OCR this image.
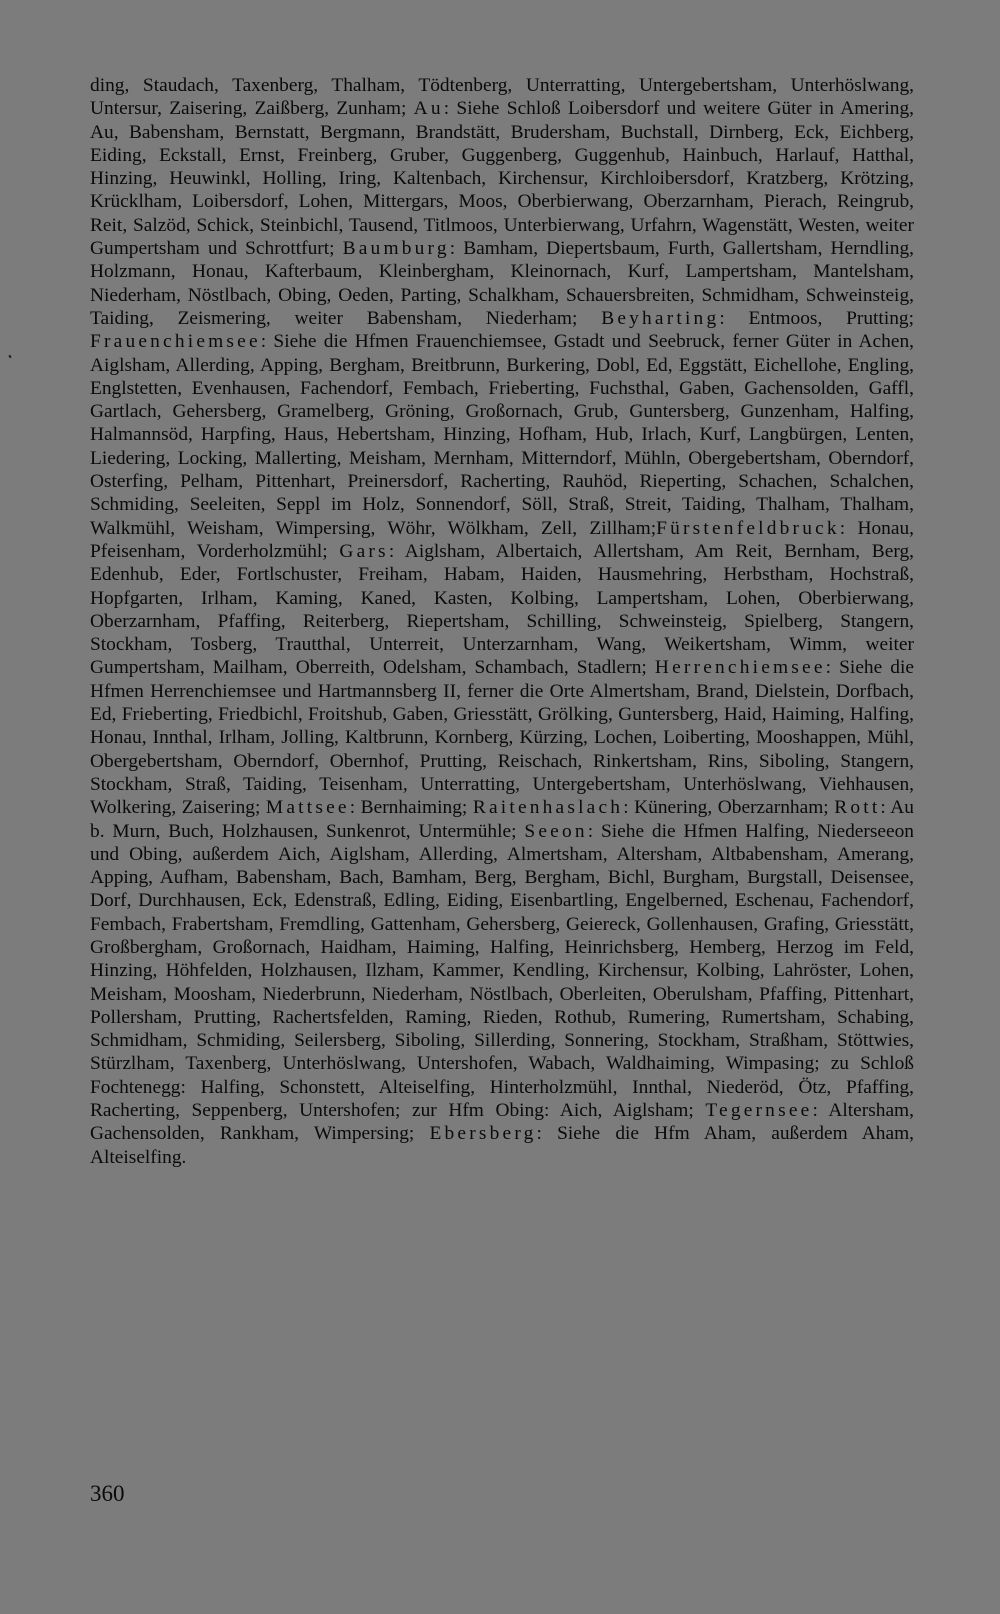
ding, Staudach, Taxenberg, Thalham, Tödtenberg, Unterratting, Untergebertsham, Unterhöslwang, Untersur, Zaisering, Zaißberg, Zunham; Au: Siehe Schloß Loibersdorf und weitere Güter in Amering, Au, Babensham, Bernstatt, Bergmann, Brandstätt, Brudersham, Buchstall, Dirnberg, Eck, Eichberg, Eiding, Eckstall, Ernst, Freinberg, Gruber, Guggenberg, Guggenhub, Hainbuch, Harlauf, Hatthal, Hinzing, Heuwinkl, Holling, Iring, Kaltenbach, Kirchensur, Kirchloibersdorf, Kratzberg, Krötzing, Krücklham, Loibersdorf, Lohen, Mittergars, Moos, Oberbierwang, Oberzarnham, Pierach, Reingrub, Reit, Salzöd, Schick, Steinbichl, Tausend, Titlmoos, Unterbierwang, Urfahrn, Wagenstätt, Westen, weiter Gumpertsham und Schrottfurt; Baumburg: Bamham, Diepertsbaum, Furth, Gallertsham, Herndling, Holzmann, Honau, Kafterbaum, Kleinbergham, Kleinornach, Kurf, Lampertsham, Mantelsham, Niederham, Nöstlbach, Obing, Oeden, Parting, Schalkham, Schauersbreiten, Schmidham, Schweinsteig, Taiding, Zeismering, weiter Babensham, Niederham; Beyharting: Entmoos, Prutting; Frauenchiemsee: Siehe die Hfmen Frauenchiemsee, Gstadt und Seebruck, ferner Güter in Achen, Aiglsham, Allerding, Apping, Bergham, Breitbrunn, Burkering, Dobl, Ed, Eggstätt, Eichellohe, Engling, Englstetten, Evenhausen, Fachendorf, Fembach, Frieberting, Fuchsthal, Gaben, Gachensolden, Gaffl, Gartlach, Gehersberg, Gramelberg, Gröning, Großornach, Grub, Guntersberg, Gunzenham, Halfing, Halmannsöd, Harpfing, Haus, Hebertsham, Hinzing, Hofham, Hub, Irlach, Kurf, Langbürgen, Lenten, Liedering, Locking, Mallerting, Meisham, Mernham, Mitterndorf, Mühln, Obergebertsham, Oberndorf, Osterfing, Pelham, Pittenhart, Preinersdorf, Racherting, Rauhöd, Rieperting, Schachen, Schalchen, Schmiding, Seeleiten, Seppl im Holz, Sonnendorf, Söll, Straß, Streit, Taiding, Thalham, Thalham, Walkmühl, Weisham, Wimpersing, Wöhr, Wölkham, Zell, Zillham;Fürstenfeldbruck: Honau, Pfeisenham, Vorderholzmühl; Gars: Aiglsham, Albertaich, Allertsham, Am Reit, Bernham, Berg, Edenhub, Eder, Fortlschuster, Freiham, Habam, Haiden, Hausmehring, Herbstham, Hochstraß, Hopfgarten, Irlham, Kaming, Kaned, Kasten, Kolbing, Lampertsham, Lohen, Oberbierwang, Oberzarnham, Pfaffing, Reiterberg, Riepertsham, Schilling, Schweinsteig, Spielberg, Stangern, Stockham, Tosberg, Trautthal, Unterreit, Unterzarnham, Wang, Weikertsham, Wimm, weiter Gumpertsham, Mailham, Oberreith, Odelsham, Schambach, Stadlern; Herrenchiemsee: Siehe die Hfmen Herrenchiemsee und Hartmannsberg II, ferner die Orte Almertsham, Brand, Dielstein, Dorfbach, Ed, Frieberting, Friedbichl, Froitshub, Gaben, Griesstätt, Grölking, Guntersberg, Haid, Haiming, Halfing, Honau, Innthal, Irlham, Jolling, Kaltbrunn, Kornberg, Kürzing, Lochen, Loiberting, Mooshappen, Mühl, Obergebertsham, Oberndorf, Obernhof, Prutting, Reischach, Rinkertsham, Rins, Siboling, Stangern, Stockham, Straß, Taiding, Teisenham, Unterratting, Untergebertsham, Unterhöslwang, Viehhausen, Wolkering, Zaisering; Mattsee: Bernhaiming; Raitenhaslach: Künering, Oberzarnham; Rott: Au b. Murn, Buch, Holzhausen, Sunkenrot, Untermühle; Seeon: Siehe die Hfmen Halfing, Niederseeon und Obing, außerdem Aich, Aiglsham, Allerding, Almertsham, Altersham, Altbabensham, Amerang, Apping, Aufham, Babensham, Bach, Bamham, Berg, Bergham, Bichl, Burgham, Burgstall, Deisensee, Dorf, Durchhausen, Eck, Edenstraß, Edling, Eiding, Eisenbartling, Engelberned, Eschenau, Fachendorf, Fembach, Frabertsham, Fremdling, Gattenham, Gehersberg, Geiereck, Gollenhausen, Grafing, Griesstätt, Großbergham, Großornach, Haidham, Haiming, Halfing, Heinrichsberg, Hemberg, Herzog im Feld, Hinzing, Höhfelden, Holzhausen, Ilzham, Kammer, Kendling, Kirchensur, Kolbing, Lahröster, Lohen, Meisham, Moosham, Niederbrunn, Niederham, Nöstlbach, Oberleiten, Oberulsham, Pfaffing, Pittenhart, Pollersham, Prutting, Rachertsfelden, Raming, Rieden, Rothub, Rumering, Rumertsham, Schabing, Schmidham, Schmiding, Seilersberg, Siboling, Sillerding, Sonnering, Stockham, Straßham, Stöttwies, Stürzlham, Taxenberg, Unterhöslwang, Untershofen, Wabach, Waldhaiming, Wimpasing; zu Schloß Fochtenegg: Halfing, Schonstett, Alteiselfing, Hinterholzmühl, Innthal, Niederöd, Ötz, Pfaffing, Racherting, Seppenberg, Untershofen; zur Hfm Obing: Aich, Aiglsham; Tegernsee: Altersham, Gachensolden, Rankham, Wimpersing; Ebersberg: Siehe die Hfm Aham, außerdem Aham, Alteiselfing.

360
